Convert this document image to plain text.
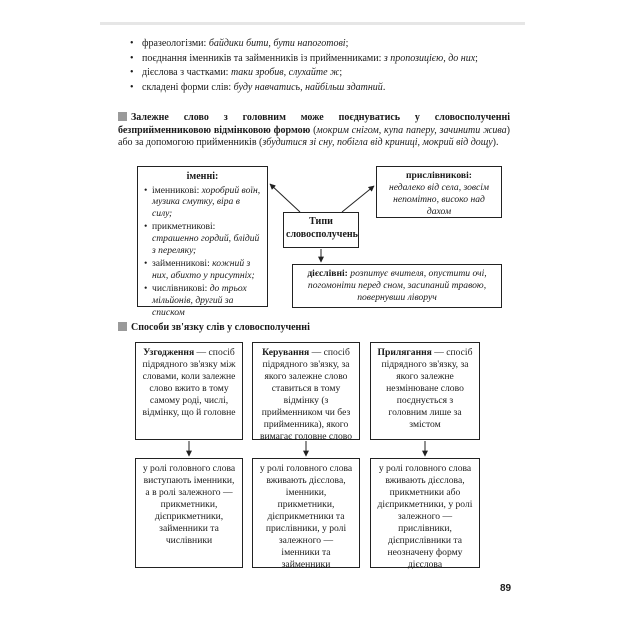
• фразеологізми: байдики бити, бути напоготові;
• поєднання іменників та займенників із прийменниками: з пропозицією, до них;
• дієслова з частками: таки зробив, слухайте ж;
• складені форми слів: буду навчатись, найбільш здатний.
Залежне слово з головним може поєднуватись у словосполученні безприйменниковою відмінковою формою (мокрим снігом, купа паперу, зачинити жива) або за допомогою прийменників (збудитися зі сну, побігла від криниці, мокрий від дощу).
іменні:
• іменникові: хоробрий воїн, музика смутку, віра в силу;
• прикметникові: страшенно гордий, блідий з переляку;
• займенникові: кожний з них, абихто у присутніх;
• числівникові: до трьох мільйонів, другий за списком
Типи словосполучень
прислівникові:
недалеко від села, зовсім непомітно, високо над дахом
дієслівні: розпитує вчителя, опустити очі, погомоніти перед сном, засипаний травою, повернувши ліворуч
Способи зв'язку слів у словосполученні
Узгодження — спосіб підрядного зв'язку між словами, коли залежне слово вжито в тому самому роді, числі, відмінку, що й головне
Керування — спосіб підрядного зв'язку, за якого залежне слово ставиться в тому відмінку (з прийменником чи без прийменника), якого вимагає головне слово
Прилягання — спосіб підрядного зв'язку, за якого залежне незмінюване слово поєднується з головним лише за змістом
у ролі головного слова виступають іменники, а в ролі залежного — прикметники, дієприкметники, займенники та числівники
у ролі головного слова вживають дієслова, іменники, прикметники, дієприкметники та прислівники, у ролі залежного — іменники та займенники
у ролі головного слова вживають дієслова, прикметники або дієприкметники, у ролі залежного — прислівники, дієприслівники та неозначену форму дієслова
89
